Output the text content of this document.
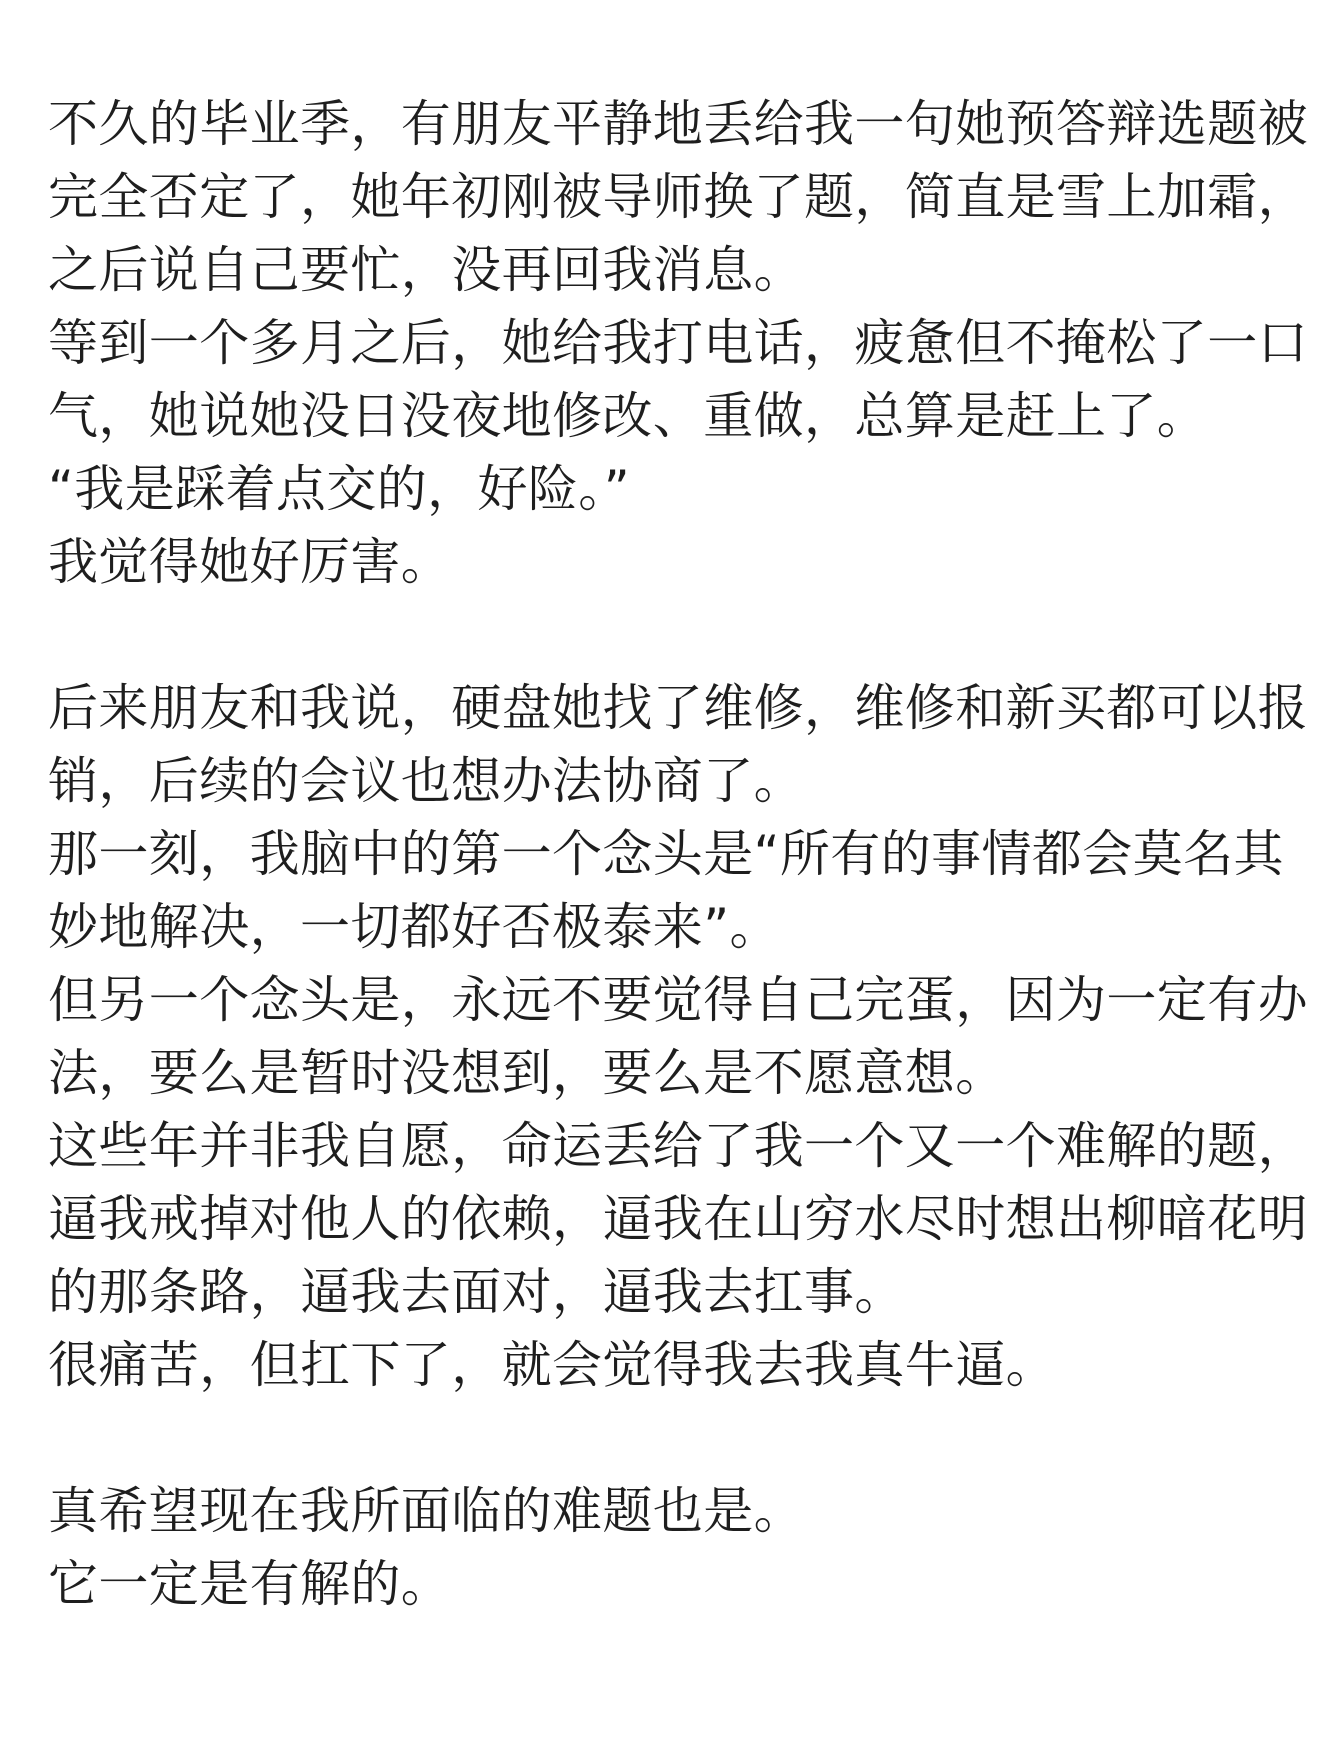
不久的毕业季，有朋友平静地丢给我一句她预答辩选题被
完全否定了，她年初刚被导师换了题，简直是雪上加霜，
之后说自己要忙，没再回我消息。
等到一个多月之后，她给我打电话，疲惫但不掩松了一口
气，她说她没日没夜地修改、重做，总算是赶上了。
“我是踩着点交的，好险。”
我觉得她好厉害。
后来朋友和我说，硬盘她找了维修，维修和新买都可以报
销，后续的会议也想办法协商了。
那一刻，我脑中的第一个念头是“所有的事情都会莫名其
妙地解决，一切都好否极泰来”。
但另一个念头是，永远不要觉得自己完蛋，因为一定有办
法，要么是暂时没想到，要么是不愿意想。
这些年并非我自愿，命运丢给了我一个又一个难解的题，
逼我戒掉对他人的依赖，逼我在山穷水尽时想出柳暗花明
的那条路，逼我去面对，逼我去扛事。
很痛苦，但扛下了，就会觉得我去我真牛逼。
真希望现在我所面临的难题也是。
它一定是有解的。
